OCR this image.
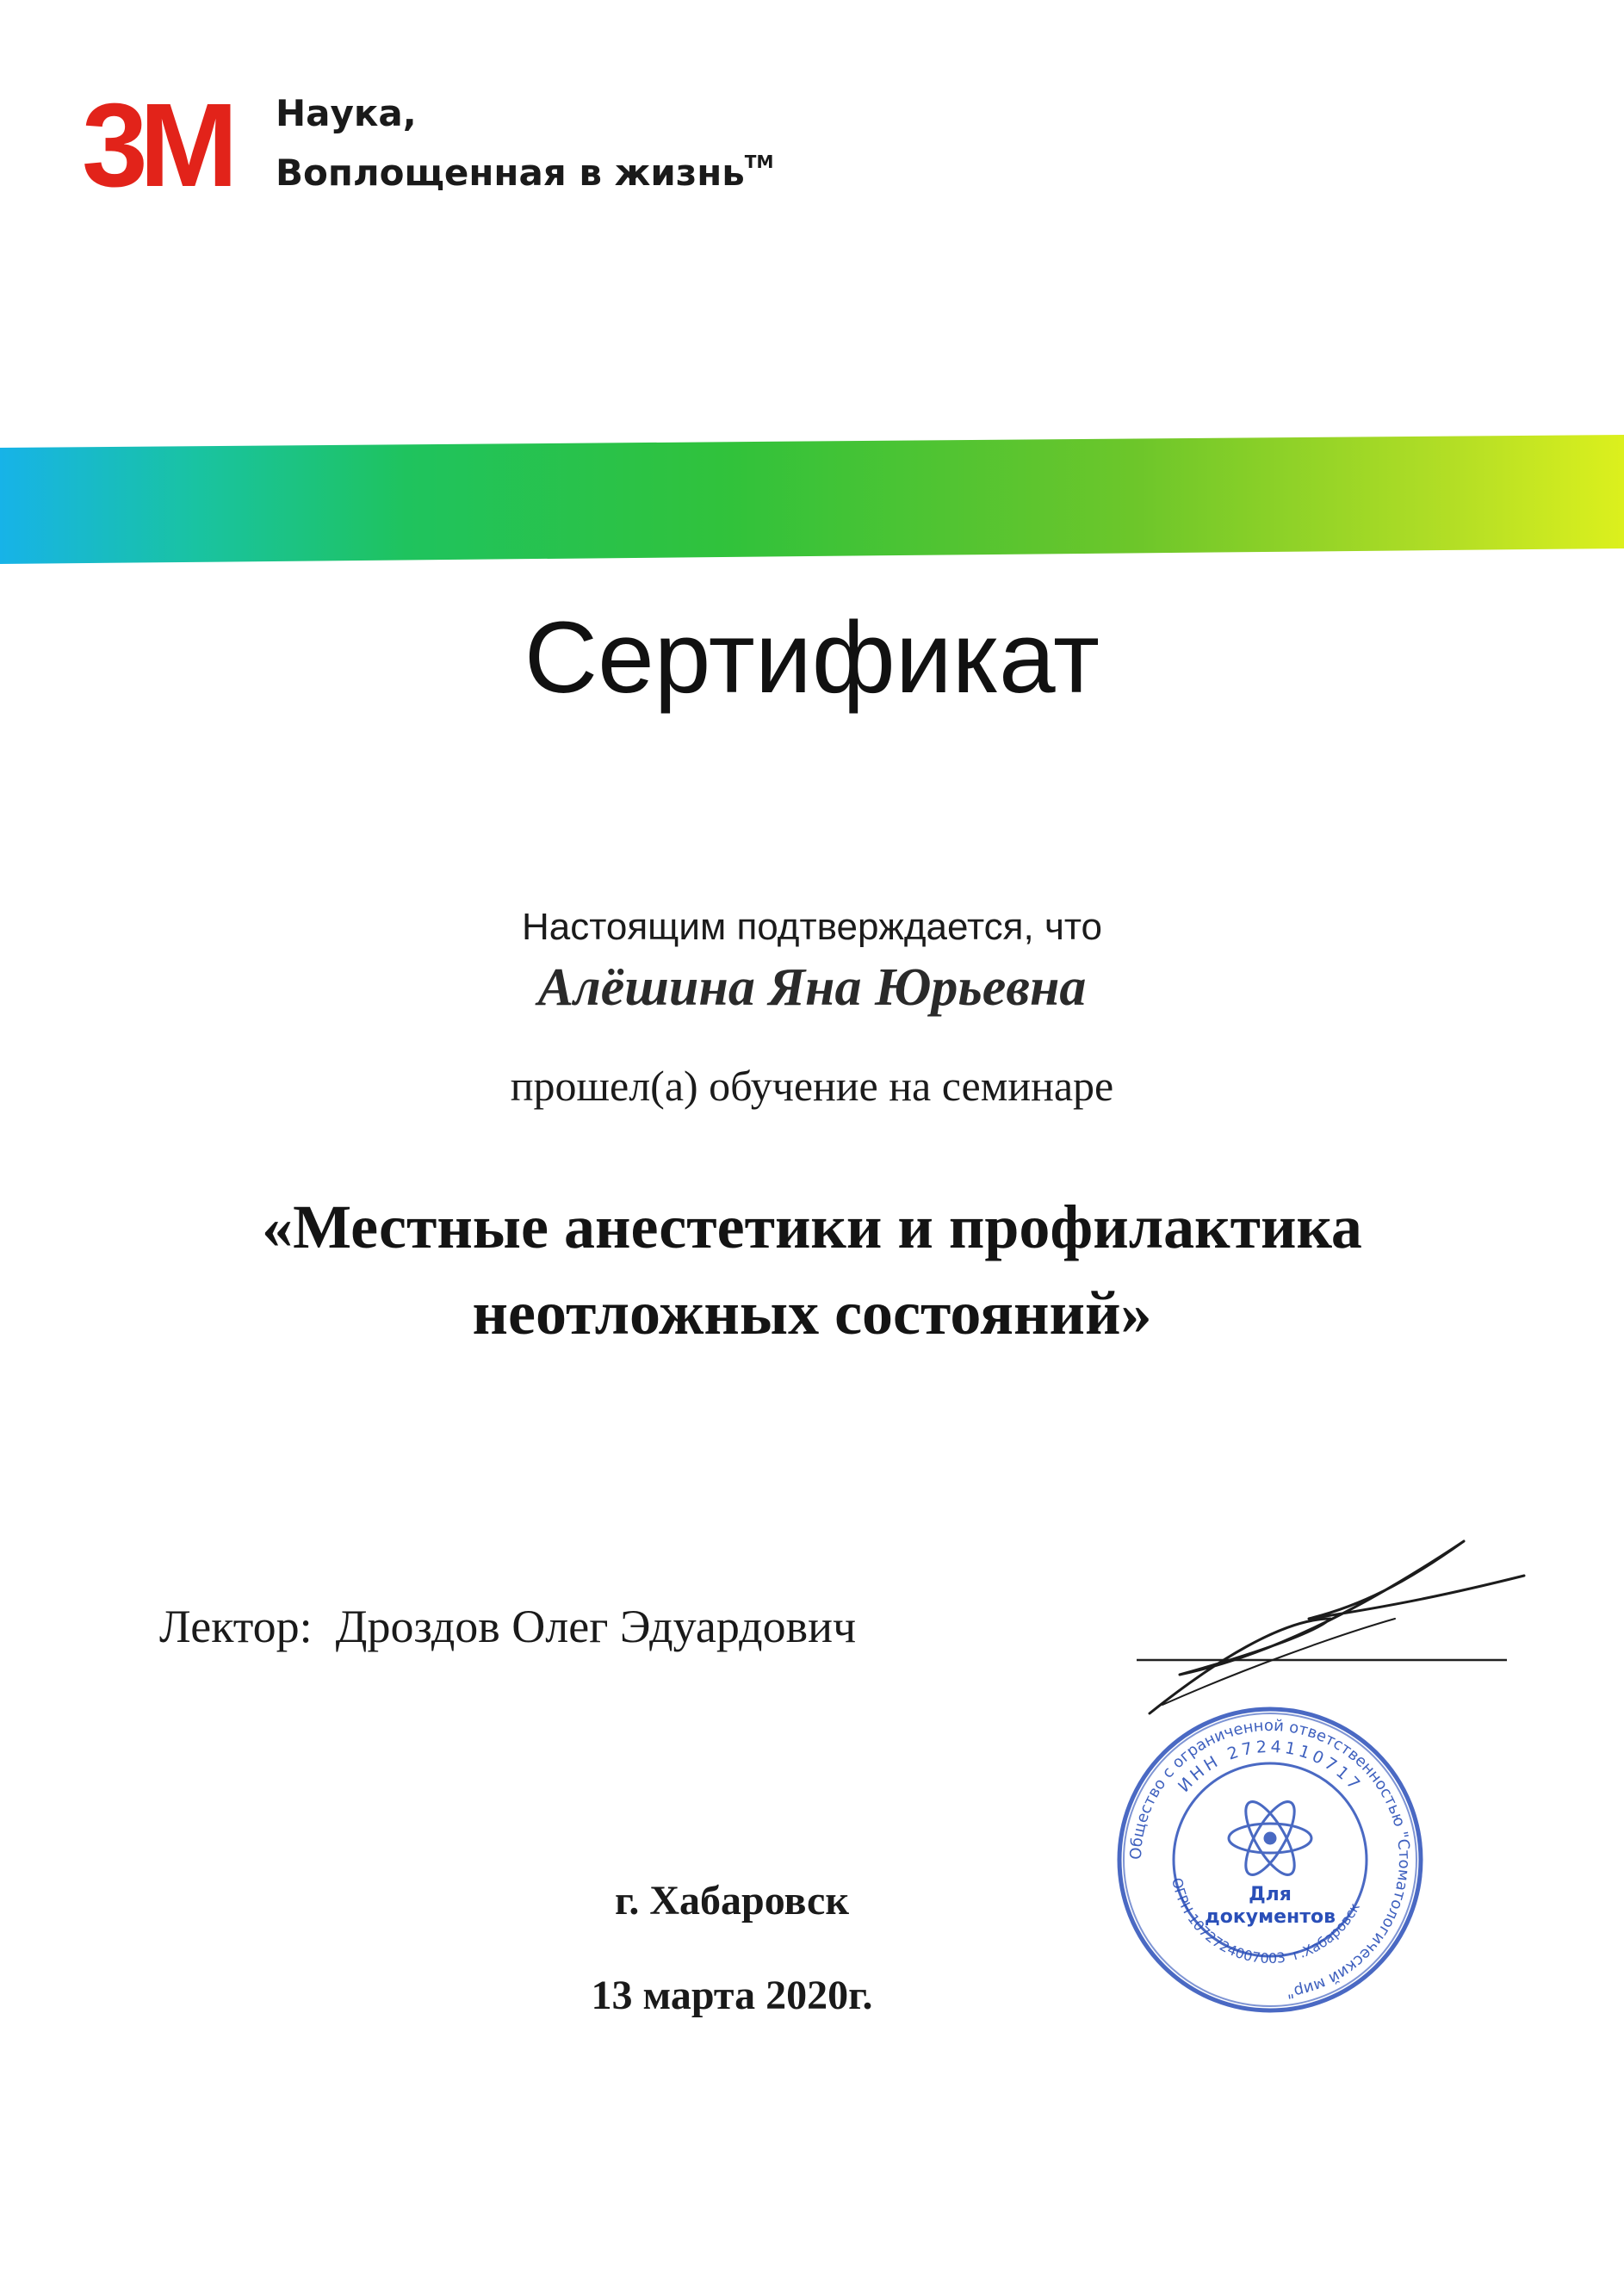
3M Наука,
Воплощенная в жизнь™
Сертификат
Настоящим подтверждается, что
Алёшина Яна Юрьевна
прошел(а) обучение на семинаре
«Местные анестетики и профилактика
неотложных состояний»
Лектор: Дроздов Олег Эдуардович
Общество с ограниченной ответственностью "Стоматологический мир"
ИНН 2724110717
ОГРН 1072724007003 г.Хабаровск
Для
документов
г. Хабаровск
13 марта 2020г.
